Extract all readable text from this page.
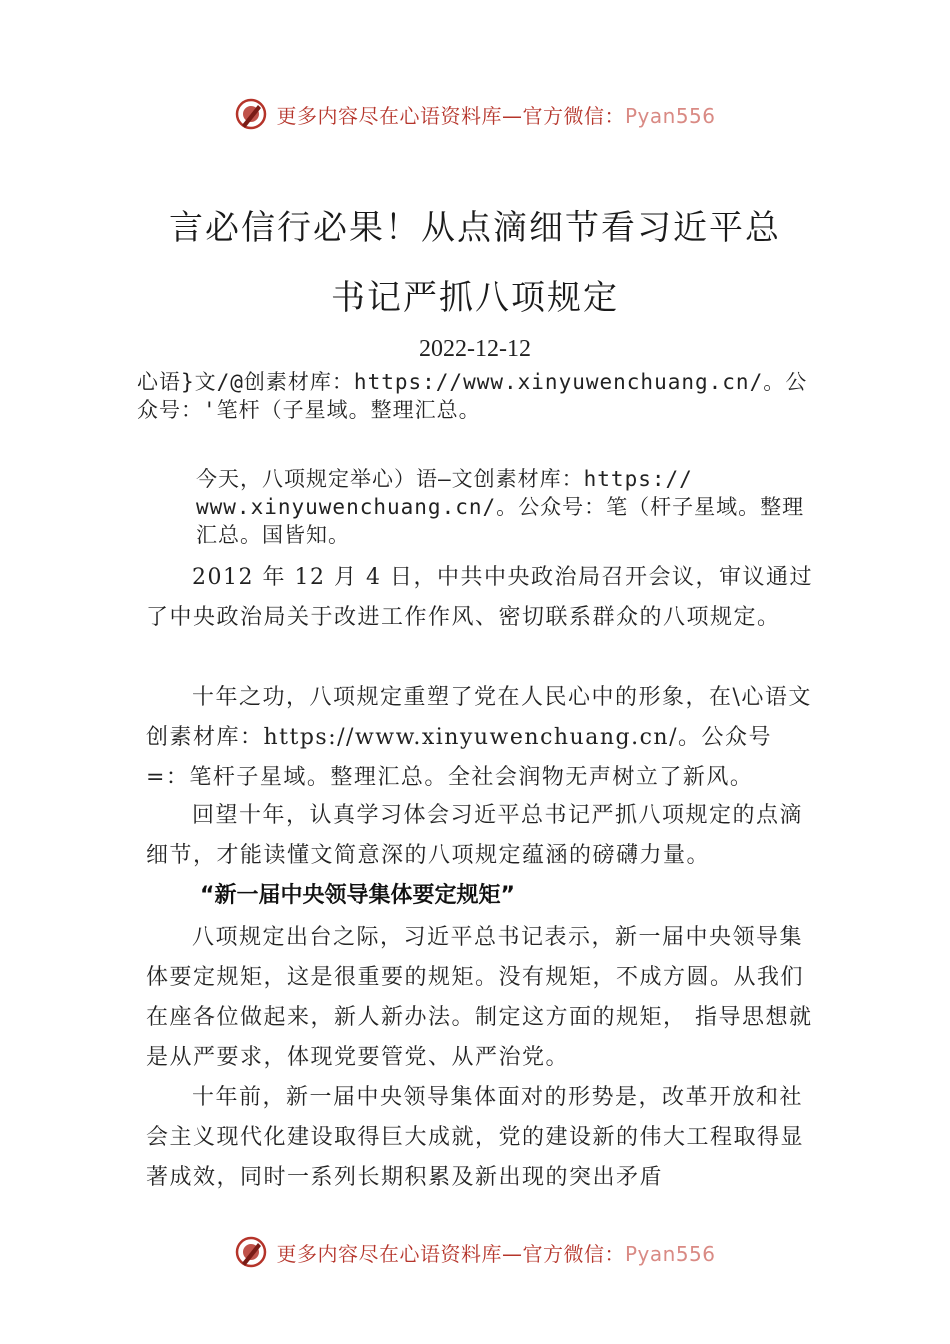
更多内容尽在心语资料库—官方微信：Pyan556
言必信行必果！从点滴细节看习近平总
书记严抓八项规定
2022-12-12

心语}文/@创素材库：https://www.xinyuwenchuang.cn/。公众号：'笔杆（子星域。整理汇总。

今天，八项规定举心）语—文创素材库：https:// www.xinyuwenchuang.cn/。公众号：笔（杆子星域。整理汇总。国皆知。

2012 年 12 月 4 日，中共中央政治局召开会议，审议通过了中央政治局关于改进工作作风、密切联系群众的八项规定。

十年之功，八项规定重塑了党在人民心中的形象，在\心语文创素材库：https://www.xinyuwenchuang.cn/。公众号=：笔杆子星域。整理汇总。全社会润物无声树立了新风。

回望十年，认真学习体会习近平总书记严抓八项规定的点滴细节，才能读懂文简意深的八项规定蕴涵的磅礴力量。

“新一届中央领导集体要定规矩”

八项规定出台之际，习近平总书记表示，新一届中央领导集体要定规矩，这是很重要的规矩。没有规矩，不成方圆。从我们在座各位做起来，新人新办法。制定这方面的规矩， 指导思想就是从严要求，体现党要管党、从严治党。

十年前，新一届中央领导集体面对的形势是，改革开放和社会主义现代化建设取得巨大成就，党的建设新的伟大工程取得显著成效，同时一系列长期积累及新出现的突出矛盾

更多内容尽在心语资料库—官方微信：Pyan556
